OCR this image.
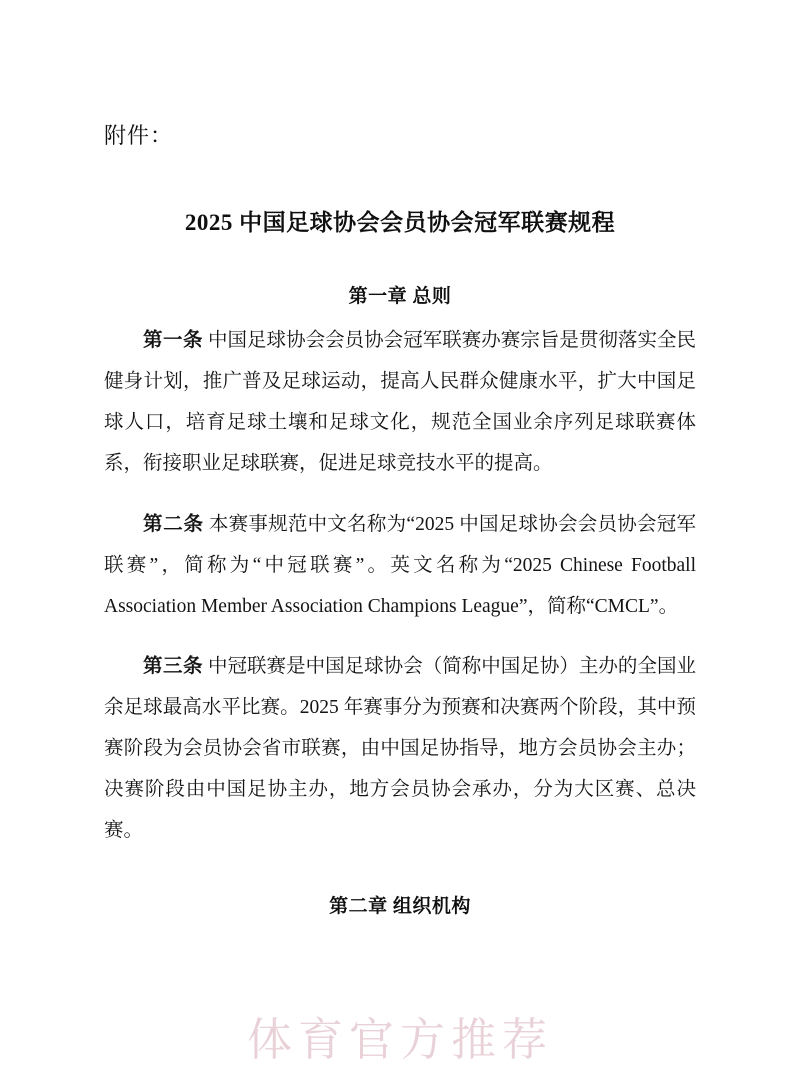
附件：
2025 中国足球协会会员协会冠军联赛规程
第一章 总则

第一条 中国足球协会会员协会冠军联赛办赛宗旨是贯彻落实全民健身计划，推广普及足球运动，提高人民群众健康水平，扩大中国足球人口，培育足球土壤和足球文化，规范全国业余序列足球联赛体系，衔接职业足球联赛，促进足球竞技水平的提高。

第二条 本赛事规范中文名称为“2025 中国足球协会会员协会冠军联赛”，简称为“中冠联赛”。英文名称为“2025 Chinese Football Association Member Association Champions League”，简称“CMCL”。

第三条 中冠联赛是中国足球协会（简称中国足协）主办的全国业余足球最高水平比赛。2025 年赛事分为预赛和决赛两个阶段，其中预赛阶段为会员协会省市联赛，由中国足协指导，地方会员协会主办；决赛阶段由中国足协主办，地方会员协会承办，分为大区赛、总决赛。

第二章 组织机构
体育官方推荐
